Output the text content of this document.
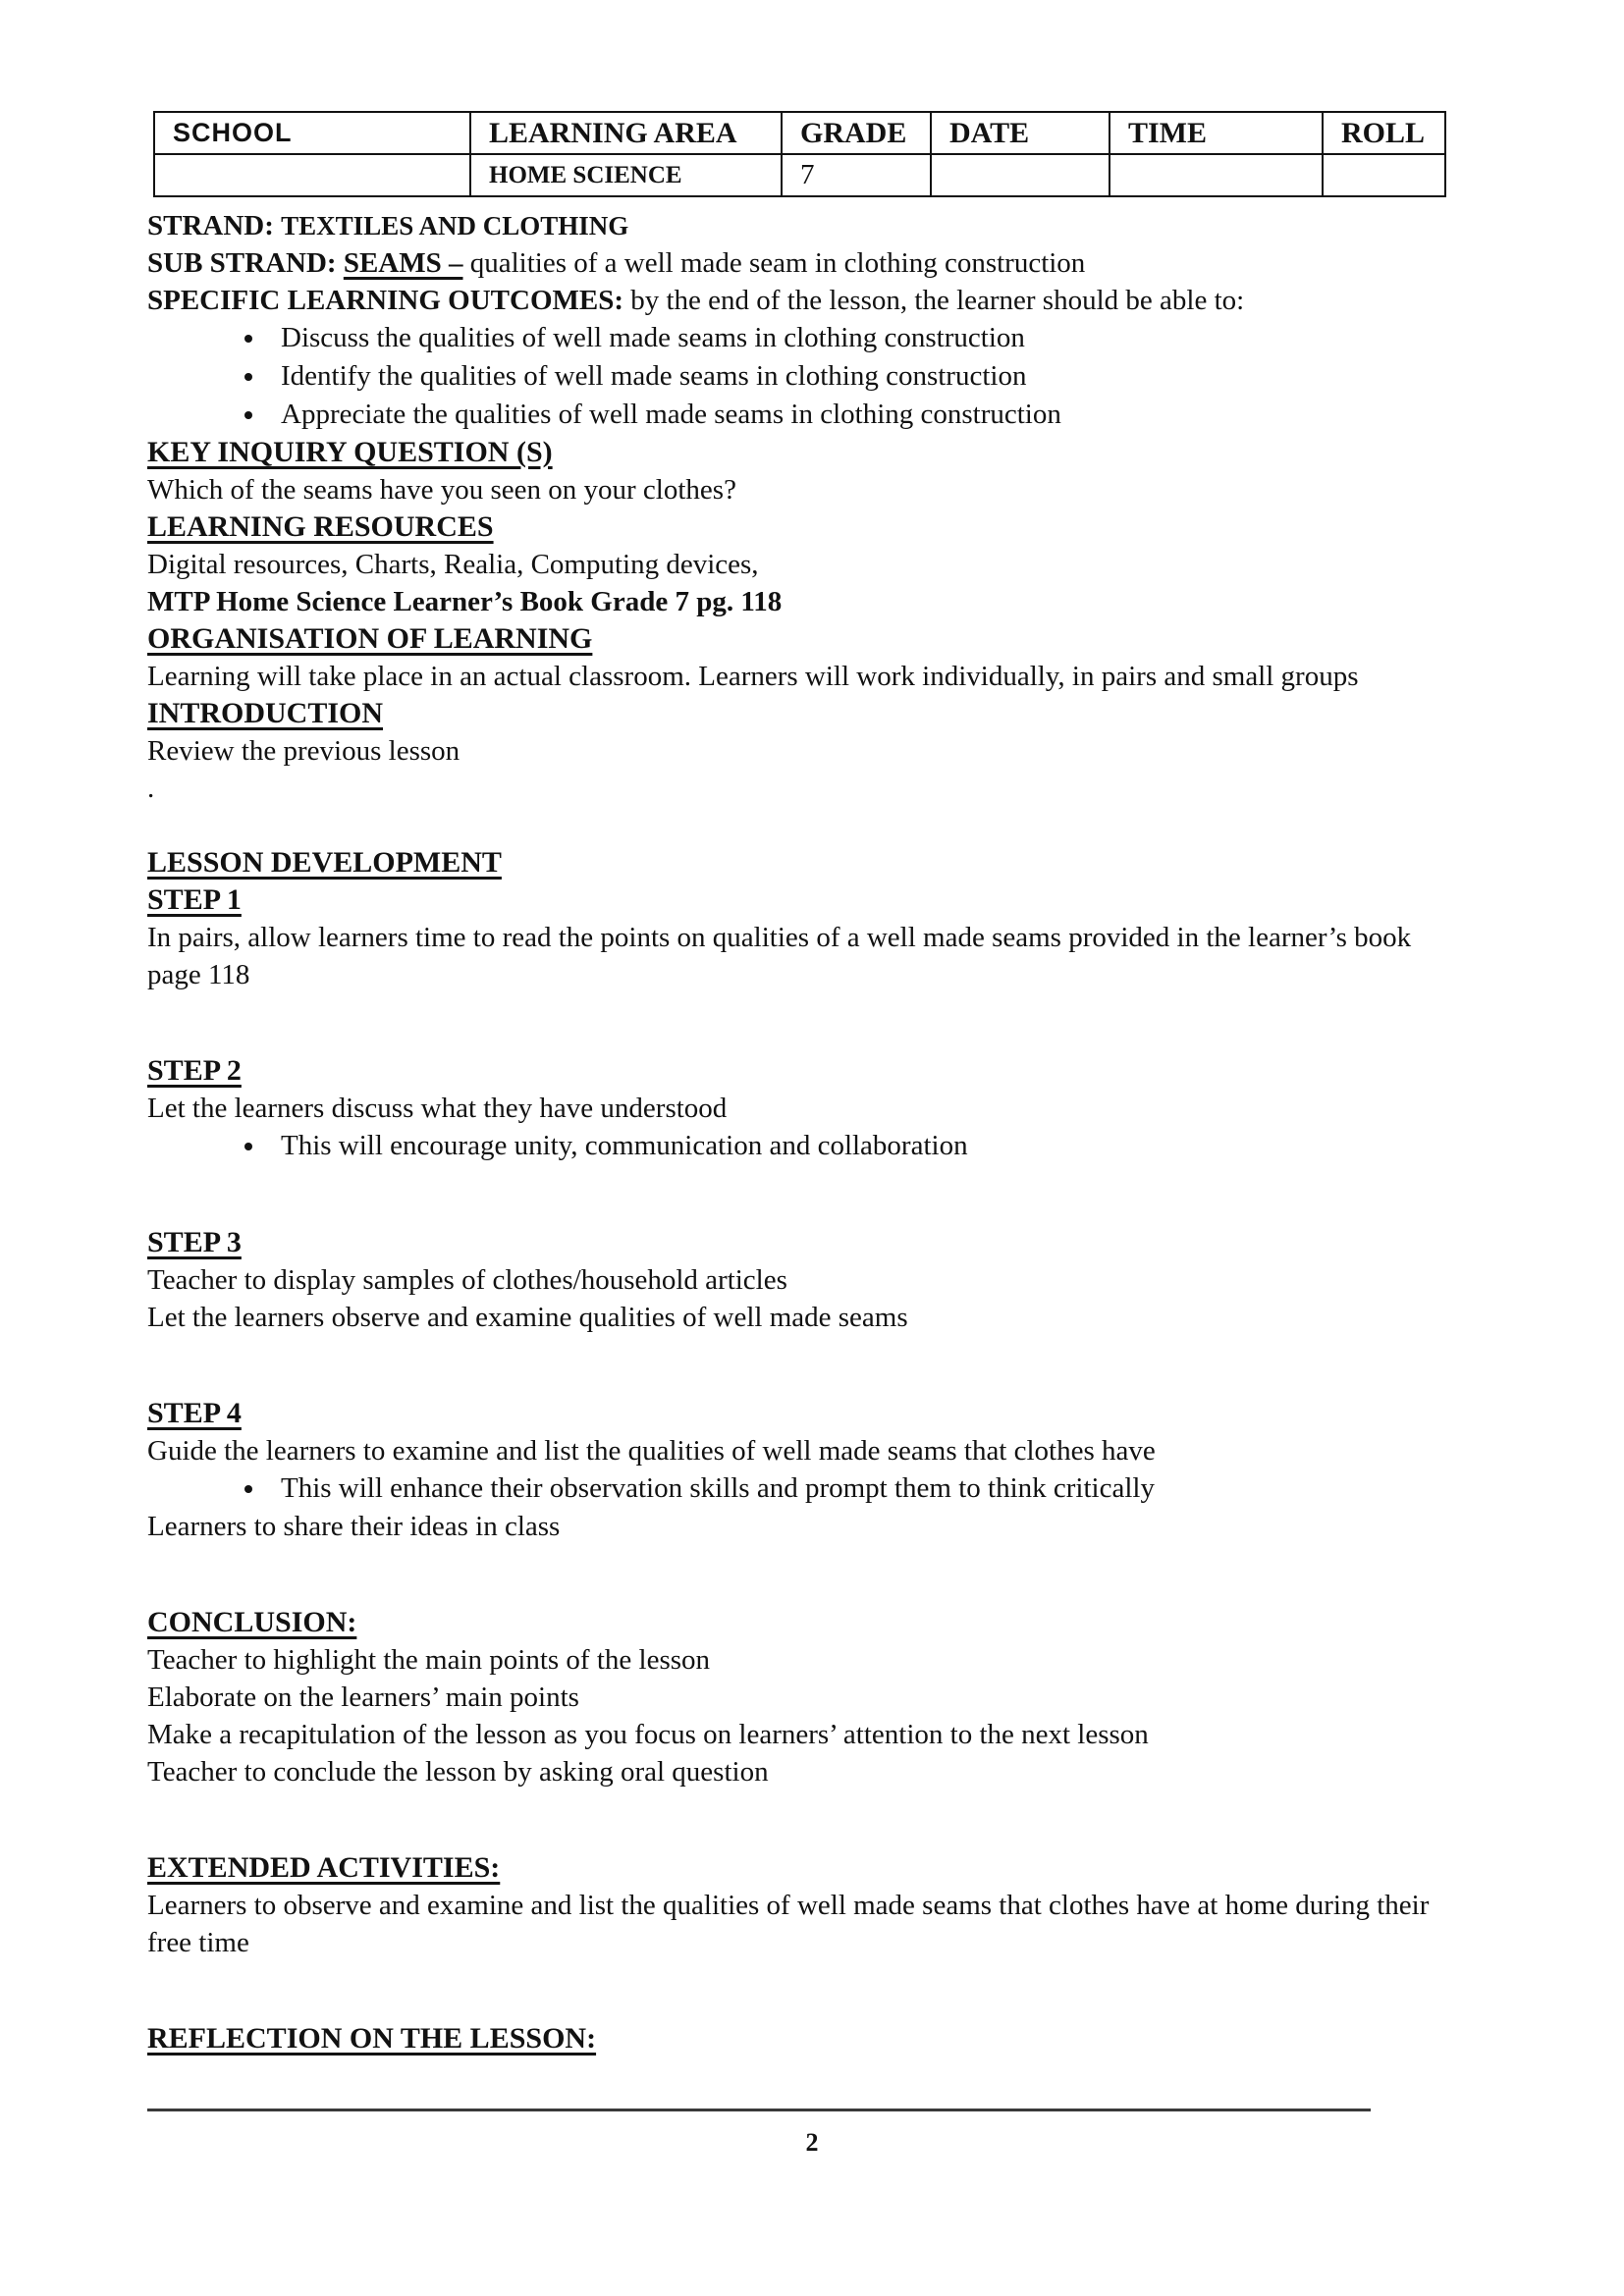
SCHOOL	LEARNING AREA	GRADE	DATE	TIME	ROLL
	HOME SCIENCE	7			

STRAND: TEXTILES AND CLOTHING

SUB STRAND: SEAMS – qualities of a well made seam in clothing construction

SPECIFIC LEARNING OUTCOMES: by the end of the lesson, the learner should be able to:

• Discuss the qualities of well made seams in clothing construction
• Identify the qualities of well made seams in clothing construction
• Appreciate the qualities of well made seams in clothing construction
KEY INQUIRY QUESTION (S)

Which of the seams have you seen on your clothes?

LEARNING RESOURCES

Digital resources, Charts, Realia, Computing devices,

MTP Home Science Learner’s Book Grade 7 pg. 118

ORGANISATION OF LEARNING

Learning will take place in an actual classroom. Learners will work individually, in pairs and small groups

INTRODUCTION

Review the previous lesson

.

LESSON DEVELOPMENT
STEP 1

In pairs, allow learners time to read the points on qualities of a well made seams provided in the learner’s book page 118

STEP 2

Let the learners discuss what they have understood

• This will encourage unity, communication and collaboration
STEP 3

Teacher to display samples of clothes/household articles

Let the learners observe and examine qualities of well made seams

STEP 4

Guide the learners to examine and list the qualities of well made seams that clothes have

• This will enhance their observation skills and prompt them to think critically

Learners to share their ideas in class

CONCLUSION:

Teacher to highlight the main points of the lesson

Elaborate on the learners’ main points

Make a recapitulation of the lesson as you focus on learners’ attention to the next lesson

Teacher to conclude the lesson by asking oral question

EXTENDED ACTIVITIES:

Learners to observe and examine and list the qualities of well made seams that clothes have at home during their free time

REFLECTION ON THE LESSON:
2
